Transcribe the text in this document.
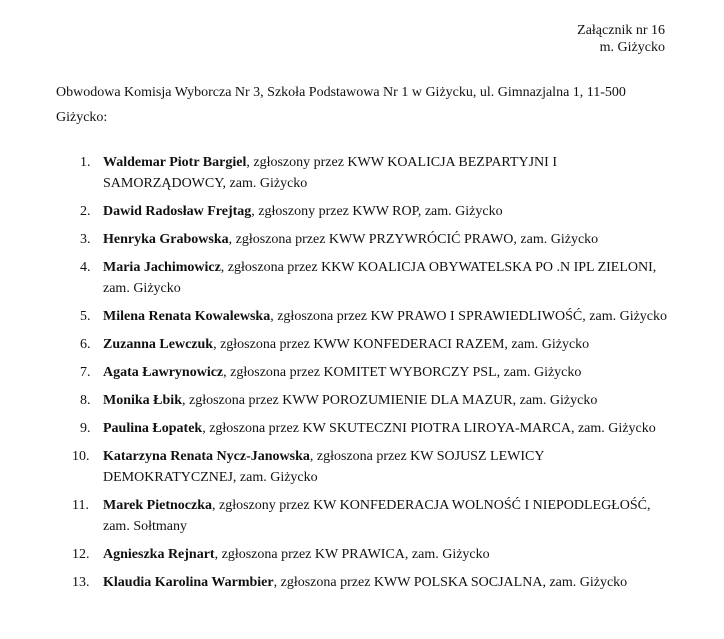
Załącznik nr 16
m. Giżycko
Obwodowa Komisja Wyborcza Nr 3, Szkoła Podstawowa Nr 1 w Giżycku, ul. Gimnazjalna 1, 11-500 Giżycko:
1. Waldemar Piotr Bargiel, zgłoszony przez KWW KOALICJA BEZPARTYJNI I SAMORZĄDOWCY, zam. Giżycko
2. Dawid Radosław Frejtag, zgłoszony przez KWW ROP, zam. Giżycko
3. Henryka Grabowska, zgłoszona przez KWW PRZYWRÓCIĆ PRAWO, zam. Giżycko
4. Maria Jachimowicz, zgłoszona przez KKW KOALICJA OBYWATELSKA PO .N IPL ZIELONI, zam. Giżycko
5. Milena Renata Kowalewska, zgłoszona przez KW PRAWO I SPRAWIEDLIWOŚĆ, zam. Giżycko
6. Zuzanna Lewczuk, zgłoszona przez KWW KONFEDERACI RAZEM, zam. Giżycko
7. Agata Ławrynowicz, zgłoszona przez KOMITET WYBORCZY PSL, zam. Giżycko
8. Monika Łbik, zgłoszona przez KWW POROZUMIENIE DLA MAZUR, zam. Giżycko
9. Paulina Łopatek, zgłoszona przez KW SKUTECZNI PIOTRA LIROYA-MARCA, zam. Giżycko
10. Katarzyna Renata Nycz-Janowska, zgłoszona przez KW SOJUSZ LEWICY DEMOKRATYCZNEJ, zam. Giżycko
11.	Marek Pietnoczka, zgłoszony przez KW KONFEDERACJA WOLNOŚĆ I NIEPODLEGŁOŚĆ, zam. Sołtmany
12. Agnieszka Rejnart, zgłoszona przez KW PRAWICA, zam. Giżycko
13. Klaudia Karolina Warmbier, zgłoszona przez KWW POLSKA SOCJALNA, zam. Giżycko
